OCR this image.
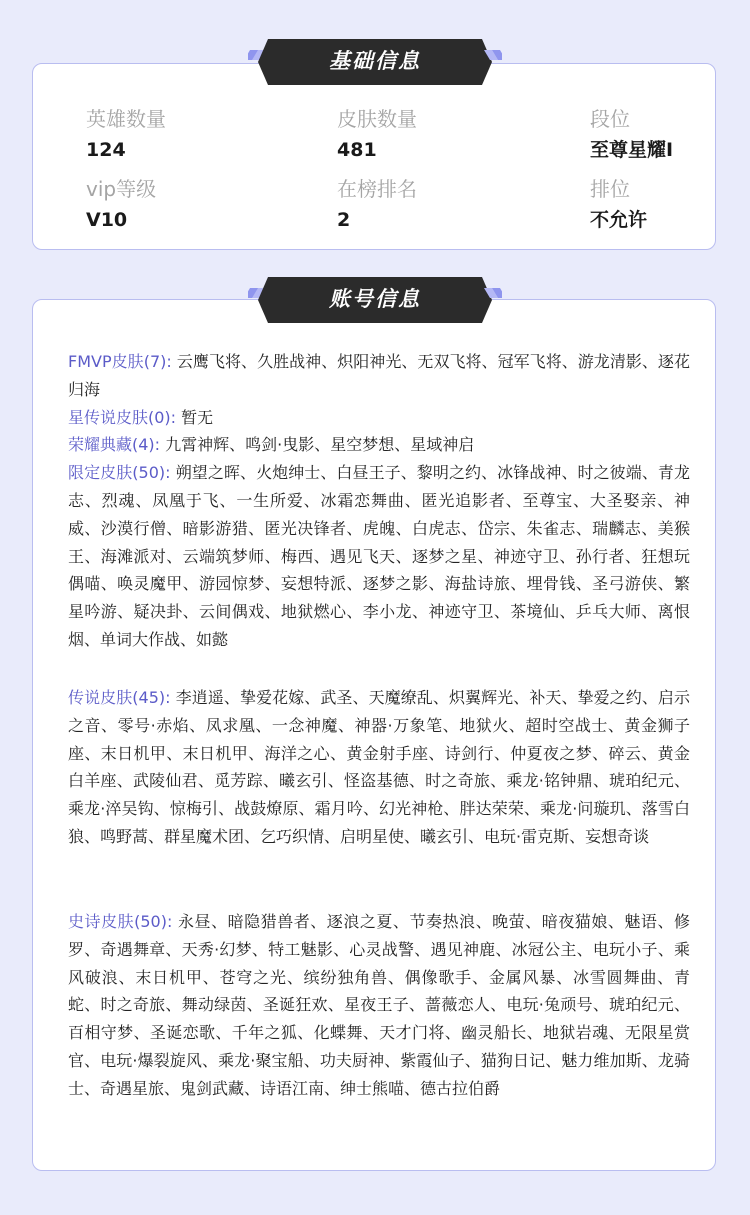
英雄数量
124
皮肤数量
481
段位
至尊星耀I
vip等级
V10
在榜排名
2
排位
不允许
基础信息
账号信息

FMVP皮肤(7): 云鹰飞将、久胜战神、炽阳神光、无双飞将、冠军飞将、游龙清影、逐花归海

星传说皮肤(0): 暂无

荣耀典藏(4): 九霄神辉、鸣剑·曳影、星空梦想、星域神启

限定皮肤(50): 朔望之晖、火炮绅士、白昼王子、黎明之约、冰锋战神、时之彼端、青龙志、烈魂、凤凰于飞、一生所爱、冰霜恋舞曲、匿光追影者、至尊宝、大圣娶亲、神威、沙漠行僧、暗影游猎、匿光决锋者、虎魄、白虎志、岱宗、朱雀志、瑞麟志、美猴王、海滩派对、云端筑梦师、梅西、遇见飞天、逐梦之星、神迹守卫、孙行者、狂想玩偶喵、唤灵魔甲、游园惊梦、妄想特派、逐梦之影、海盐诗旅、埋骨钱、圣弓游侠、繁星吟游、疑决卦、云间偶戏、地狱燃心、李小龙、神迹守卫、茶境仙、乒乓大师、离恨烟、单词大作战、如懿

传说皮肤(45): 李逍遥、挚爱花嫁、武圣、天魔缭乱、炽翼辉光、补天、挚爱之约、启示之音、零号·赤焰、凤求凰、一念神魔、神器·万象笔、地狱火、超时空战士、黄金狮子座、末日机甲、末日机甲、海洋之心、黄金射手座、诗剑行、仲夏夜之梦、碎云、黄金白羊座、武陵仙君、觅芳踪、曦玄引、怪盗基德、时之奇旅、乘龙·铭钟鼎、琥珀纪元、乘龙·淬吴钩、惊梅引、战鼓燎原、霜月吟、幻光神枪、胖达荣荣、乘龙·问璇玑、落雪白狼、鸣野蒿、群星魔术团、乞巧织情、启明星使、曦玄引、电玩·雷克斯、妄想奇谈

史诗皮肤(50): 永昼、暗隐猎兽者、逐浪之夏、节奏热浪、晚萤、暗夜猫娘、魅语、修罗、奇遇舞章、天秀·幻梦、特工魅影、心灵战警、遇见神鹿、冰冠公主、电玩小子、乘风破浪、末日机甲、苍穹之光、缤纷独角兽、偶像歌手、金属风暴、冰雪圆舞曲、青蛇、时之奇旅、舞动绿茵、圣诞狂欢、星夜王子、蔷薇恋人、电玩·兔顽号、琥珀纪元、百相守梦、圣诞恋歌、千年之狐、化蝶舞、天才门将、幽灵船长、地狱岩魂、无限星赏官、电玩·爆裂旋风、乘龙·聚宝船、功夫厨神、紫霞仙子、猫狗日记、魅力维加斯、龙骑士、奇遇星旅、鬼剑武藏、诗语江南、绅士熊喵、德古拉伯爵
